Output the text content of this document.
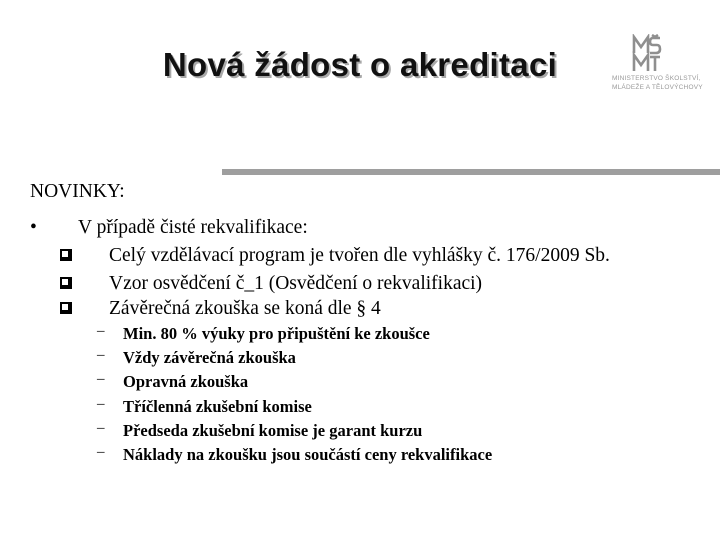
Nová žádost o akreditaci	MINISTERSTVO ŠKOLSTVÍ,
MLÁDEŽE A TĚLOVÝCHOVY
NOVINKY:
• V případě čisté rekvalifikace:
Celý vzdělávací program je tvořen dle vyhlášky č. 176/2009 Sb.
Vzor osvědčení č_1 (Osvědčení o rekvalifikaci)
Závěrečná zkouška se koná dle § 4
– Min. 80 % výuky pro připuštění ke zkoušce
– Vždy závěrečná zkouška
– Opravná zkouška
– Tříčlenná zkušební komise
– Předseda zkušební komise je garant kurzu
– Náklady na zkoušku jsou součástí ceny rekvalifikace
